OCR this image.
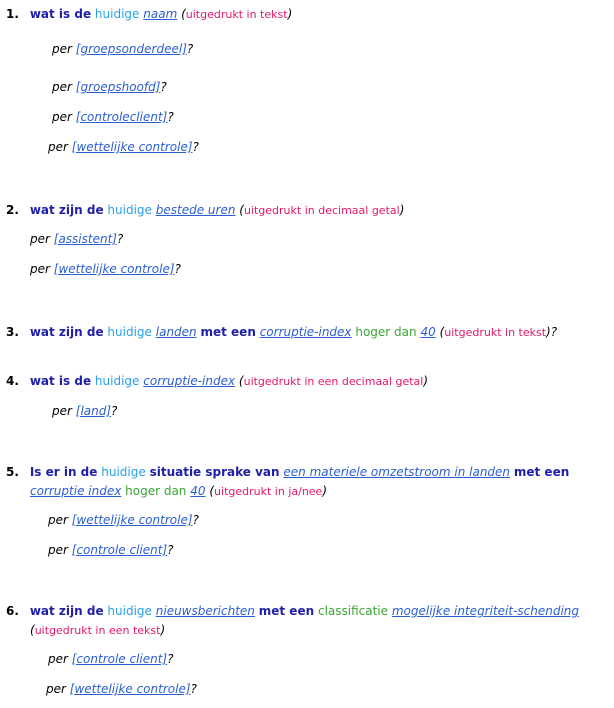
1. wat is de huidige naam (uitgedrukt in tekst)
per [groepsonderdeel]?
per [groepshoofd]?
per [controleclient]?
per [wettelijke controle]?
2. wat zijn de huidige bestede uren (uitgedrukt in decimaal getal)
per [assistent]?
per [wettelijke controle]?
3. wat zijn de huidige landen met een corruptie-index hoger dan 40 (uitgedrukt in tekst)?
4. wat is de huidige corruptie-index (uitgedrukt in een decimaal getal)
per [land]?
5. Is er in de huidige situatie sprake van een materiele omzetstroom in landen met een
corruptie index hoger dan 40 (uitgedrukt in ja/nee)
per [wettelijke controle]?
per [controle client]?
6. wat zijn de huidige nieuwsberichten met een classificatie mogelijke integriteit-schending
(uitgedrukt in een tekst)
per [controle client]?
per [wettelijke controle]?
